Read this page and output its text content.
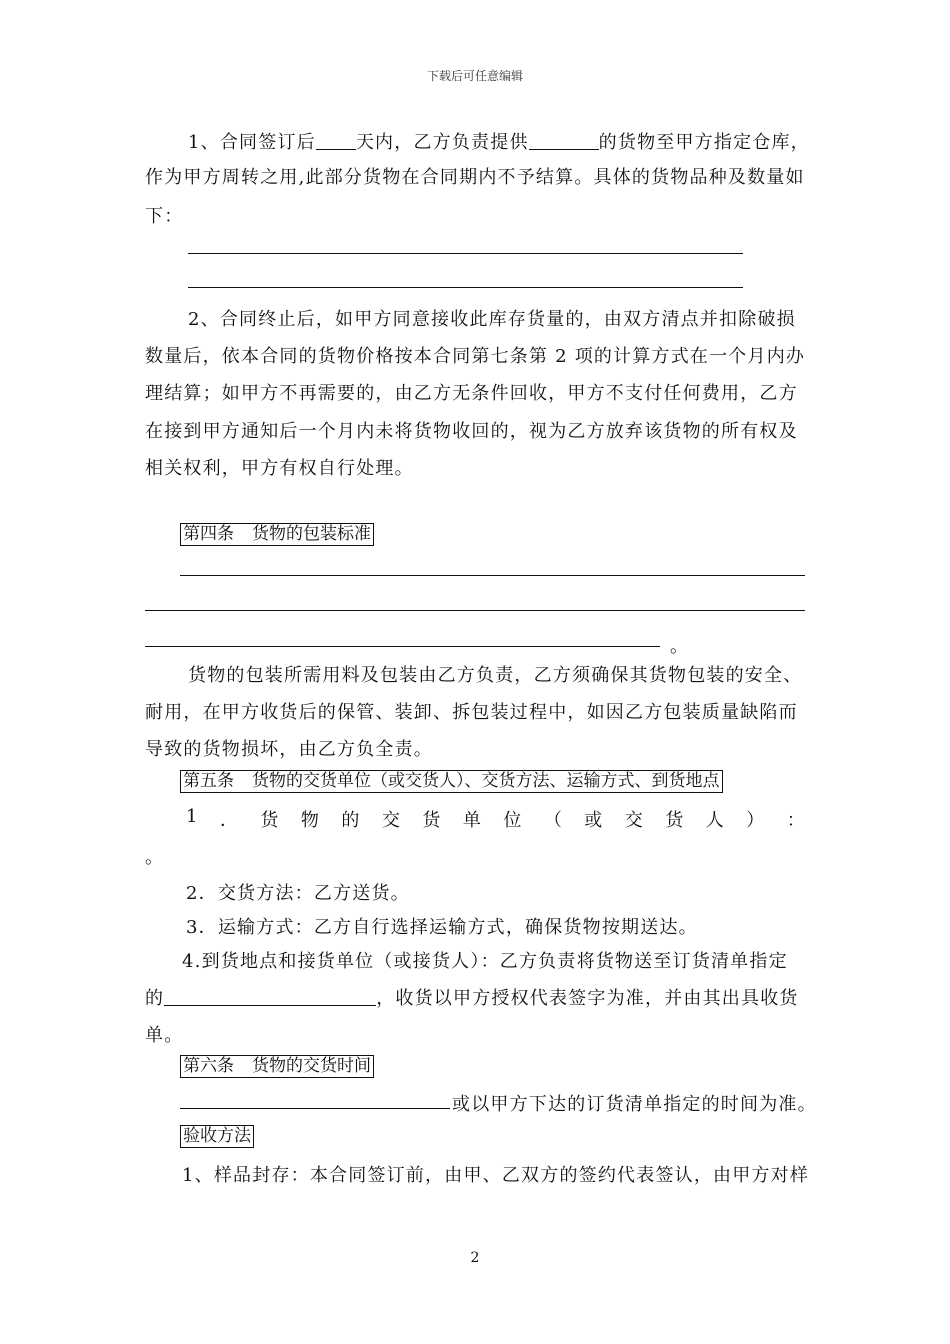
下载后可任意编辑
1、合同签订后 天内，乙方负责提供	的货物至甲方指定仓库，
作为甲方周转之用,此部分货物在合同期内不予结算。具体的货物品种及数量如
下：
2、合同终止后，如甲方同意接收此库存货量的，由双方清点并扣除破损
数量后，依本合同的货物价格按本合同第七条第 2 项的计算方式在一个月内办
理结算；如甲方不再需要的，由乙方无条件回收，甲方不支付任何费用，乙方
在接到甲方通知后一个月内未将货物收回的，视为乙方放弃该货物的所有权及
相关权利，甲方有权自行处理。
第四条 货物的包装标准
。
货物的包装所需用料及包装由乙方负责，乙方须确保其货物包装的安全、
耐用，在甲方收货后的保管、装卸、拆包装过程中，如因乙方包装质量缺陷而
导致的货物损坏，由乙方负全责。
第五条 货物的交货单位（或交货人）、交货方法、运输方式、到货地点
1 ． 货 物 的 交 货 单 位 （ 或 交 货 人 ） ：
。
2．交货方法：乙方送货。
3．运输方式：乙方自行选择运输方式，确保货物按期送达。
4.到货地点和接货单位（或接货人）：乙方负责将货物送至订货清单指定
的	，收货以甲方授权代表签字为准，并由其出具收货
单。
第六条 货物的交货时间
或以甲方下达的订货清单指定的时间为准。
验收方法
1、样品封存：本合同签订前，由甲、乙双方的签约代表签认，由甲方对样
2
